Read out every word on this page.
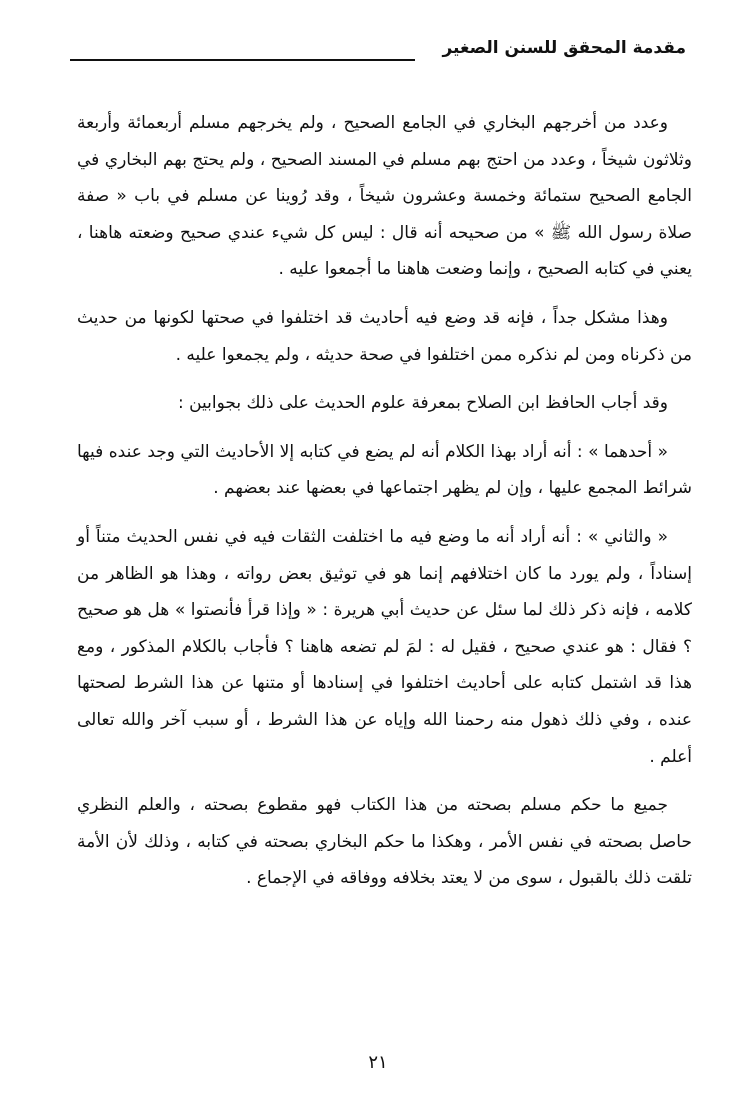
مقدمة المحقق للسنن الصغير

وعدد من أخرجهم البخاري في الجامع الصحيح ، ولم يخرجهم مسلم أربعمائة وأربعة وثلاثون شيخاً ، وعدد من احتج بهم مسلم في المسند الصحيح ، ولم يحتج بهم البخاري في الجامع الصحيح ستمائة وخمسة وعشرون شيخاً ، وقد رُوينا عن مسلم في باب « صفة صلاة رسول الله ﷺ » من صحيحه أنه قال : ليس كل شيء عندي صحيح وضعته هاهنا ، يعني في كتابه الصحيح ، وإنما وضعت هاهنا ما أجمعوا عليه .

وهذا مشكل جداً ، فإنه قد وضع فيه أحاديث قد اختلفوا في صحتها لكونها من حديث من ذكرناه ومن لم نذكره ممن اختلفوا في صحة حديثه ، ولم يجمعوا عليه .

وقد أجاب الحافظ ابن الصلاح بمعرفة علوم الحديث على ذلك بجوابين :

« أحدهما » : أنه أراد بهذا الكلام أنه لم يضع في كتابه إلا الأحاديث التي وجد عنده فيها شرائط المجمع عليها ، وإن لم يظهر اجتماعها في بعضها عند بعضهم .

« والثاني » : أنه أراد أنه ما وضع فيه ما اختلفت الثقات فيه في نفس الحديث متناً أو إسناداً ، ولم يورد ما كان اختلافهم إنما هو في توثيق بعض رواته ، وهذا هو الظاهر من كلامه ، فإنه ذكر ذلك لما سئل عن حديث أبي هريرة : « وإذا قرأ فأنصتوا » هل هو صحيح ؟ فقال : هو عندي صحيح ، فقيل له : لمَ لم تضعه هاهنا ؟ فأجاب بالكلام المذكور ، ومع هذا قد اشتمل كتابه على أحاديث اختلفوا في إسنادها أو متنها عن هذا الشرط لصحتها عنده ، وفي ذلك ذهول منه رحمنا الله وإياه عن هذا الشرط ، أو سبب آخر والله تعالى أعلم .

جميع ما حكم مسلم بصحته من هذا الكتاب فهو مقطوع بصحته ، والعلم النظري حاصل بصحته في نفس الأمر ، وهكذا ما حكم البخاري بصحته في كتابه ، وذلك لأن الأمة تلقت ذلك بالقبول ، سوى من لا يعتد بخلافه ووفاقه في الإجماع .

٢١
